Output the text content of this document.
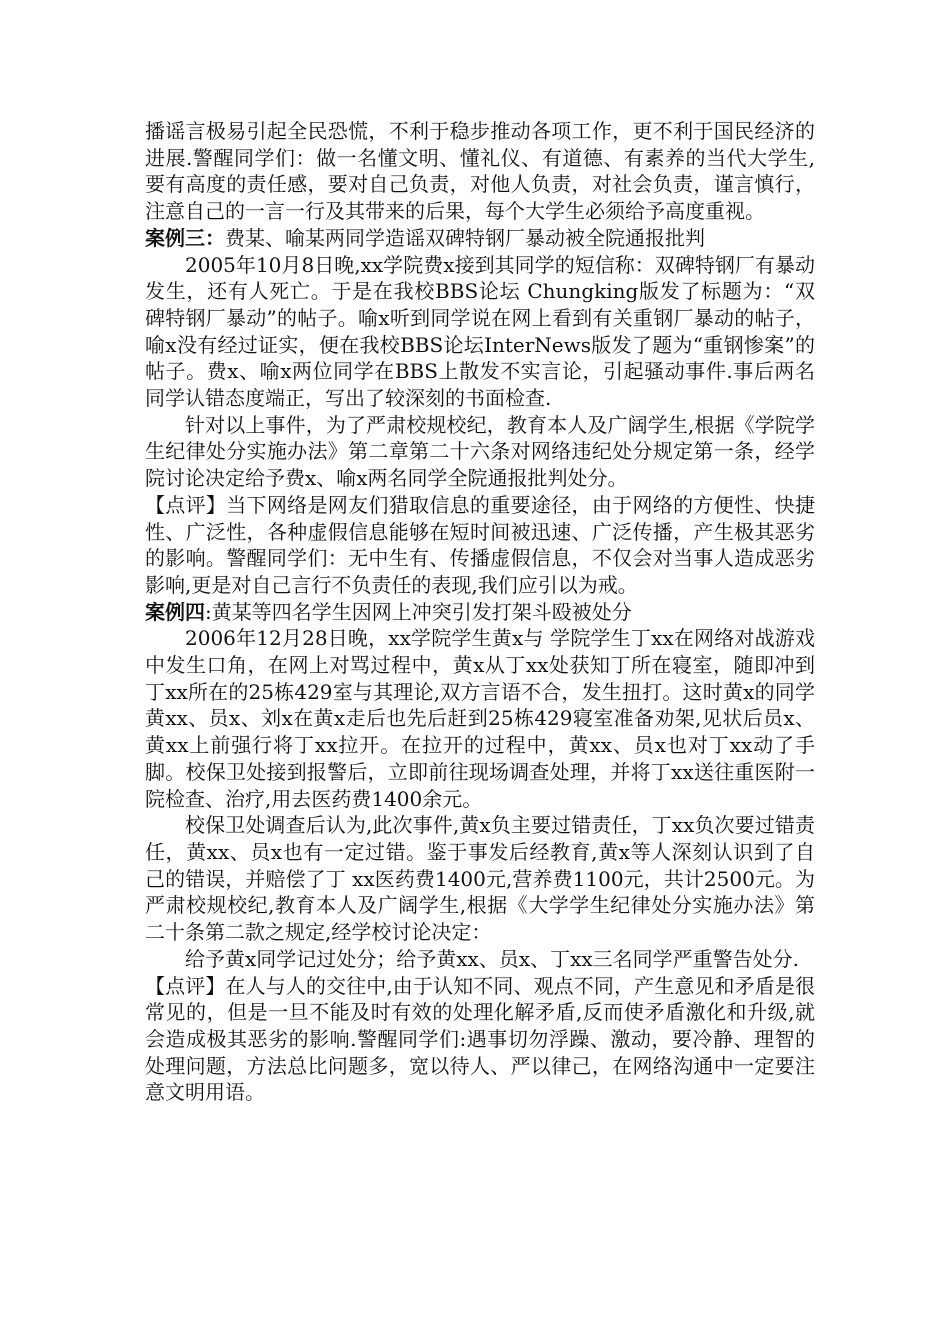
播谣言极易引起全民恐慌，不利于稳步推动各项工作，更不利于国民经济的进展.警醒同学们：做一名懂文明、懂礼仪、有道德、有素养的当代大学生,要有高度的责任感，要对自己负责，对他人负责，对社会负责，谨言慎行，注意自己的一言一行及其带来的后果，每个大学生必须给予高度重视。

案例三：费某、喻某两同学造谣双碑特钢厂暴动被全院通报批判

2005年10月8日晚,xx学院费x接到其同学的短信称：双碑特钢厂有暴动发生，还有人死亡。于是在我校BBS论坛 Chungking版发了标题为：“双碑特钢厂暴动”的帖子。喻x听到同学说在网上看到有关重钢厂暴动的帖子，喻x没有经过证实，便在我校BBS论坛InterNews版发了题为“重钢惨案”的帖子。费x、喻x两位同学在BBS上散发不实言论，引起骚动事件.事后两名同学认错态度端正，写出了较深刻的书面检查.

针对以上事件，为了严肃校规校纪，教育本人及广阔学生,根据《学院学生纪律处分实施办法》第二章第二十六条对网络违纪处分规定第一条，经学院讨论决定给予费x、喻x两名同学全院通报批判处分。

【点评】当下网络是网友们猎取信息的重要途径，由于网络的方便性、快捷性、广泛性，各种虚假信息能够在短时间被迅速、广泛传播，产生极其恶劣的影响。警醒同学们：无中生有、传播虚假信息，不仅会对当事人造成恶劣影响,更是对自己言行不负责任的表现,我们应引以为戒。

案例四:黄某等四名学生因网上冲突引发打架斗殴被处分

2006年12月28日晚，xx学院学生黄x与 学院学生丁xx在网络对战游戏中发生口角，在网上对骂过程中，黄x从丁xx处获知丁所在寝室，随即冲到丁xx所在的25栋429室与其理论,双方言语不合，发生扭打。这时黄x的同学黄xx、员x、刘x在黄x走后也先后赶到25栋429寝室准备劝架,见状后员x、黄xx上前强行将丁xx拉开。在拉开的过程中，黄xx、员x也对丁xx动了手脚。校保卫处接到报警后，立即前往现场调查处理，并将丁xx送往重医附一院检查、治疗,用去医药费1400余元。

校保卫处调查后认为,此次事件,黄x负主要过错责任，丁xx负次要过错责任，黄xx、员x也有一定过错。鉴于事发后经教育,黄x等人深刻认识到了自己的错误，并赔偿了丁 xx医药费1400元,营养费1100元，共计2500元。为严肃校规校纪,教育本人及广阔学生,根据《大学学生纪律处分实施办法》第二十条第二款之规定,经学校讨论决定：

给予黄x同学记过处分；给予黄xx、员x、丁xx三名同学严重警告处分.

【点评】在人与人的交往中,由于认知不同、观点不同，产生意见和矛盾是很常见的，但是一旦不能及时有效的处理化解矛盾,反而使矛盾激化和升级,就会造成极其恶劣的影响.警醒同学们:遇事切勿浮躁、激动，要冷静、理智的处理问题，方法总比问题多，宽以待人、严以律己，在网络沟通中一定要注意文明用语。
